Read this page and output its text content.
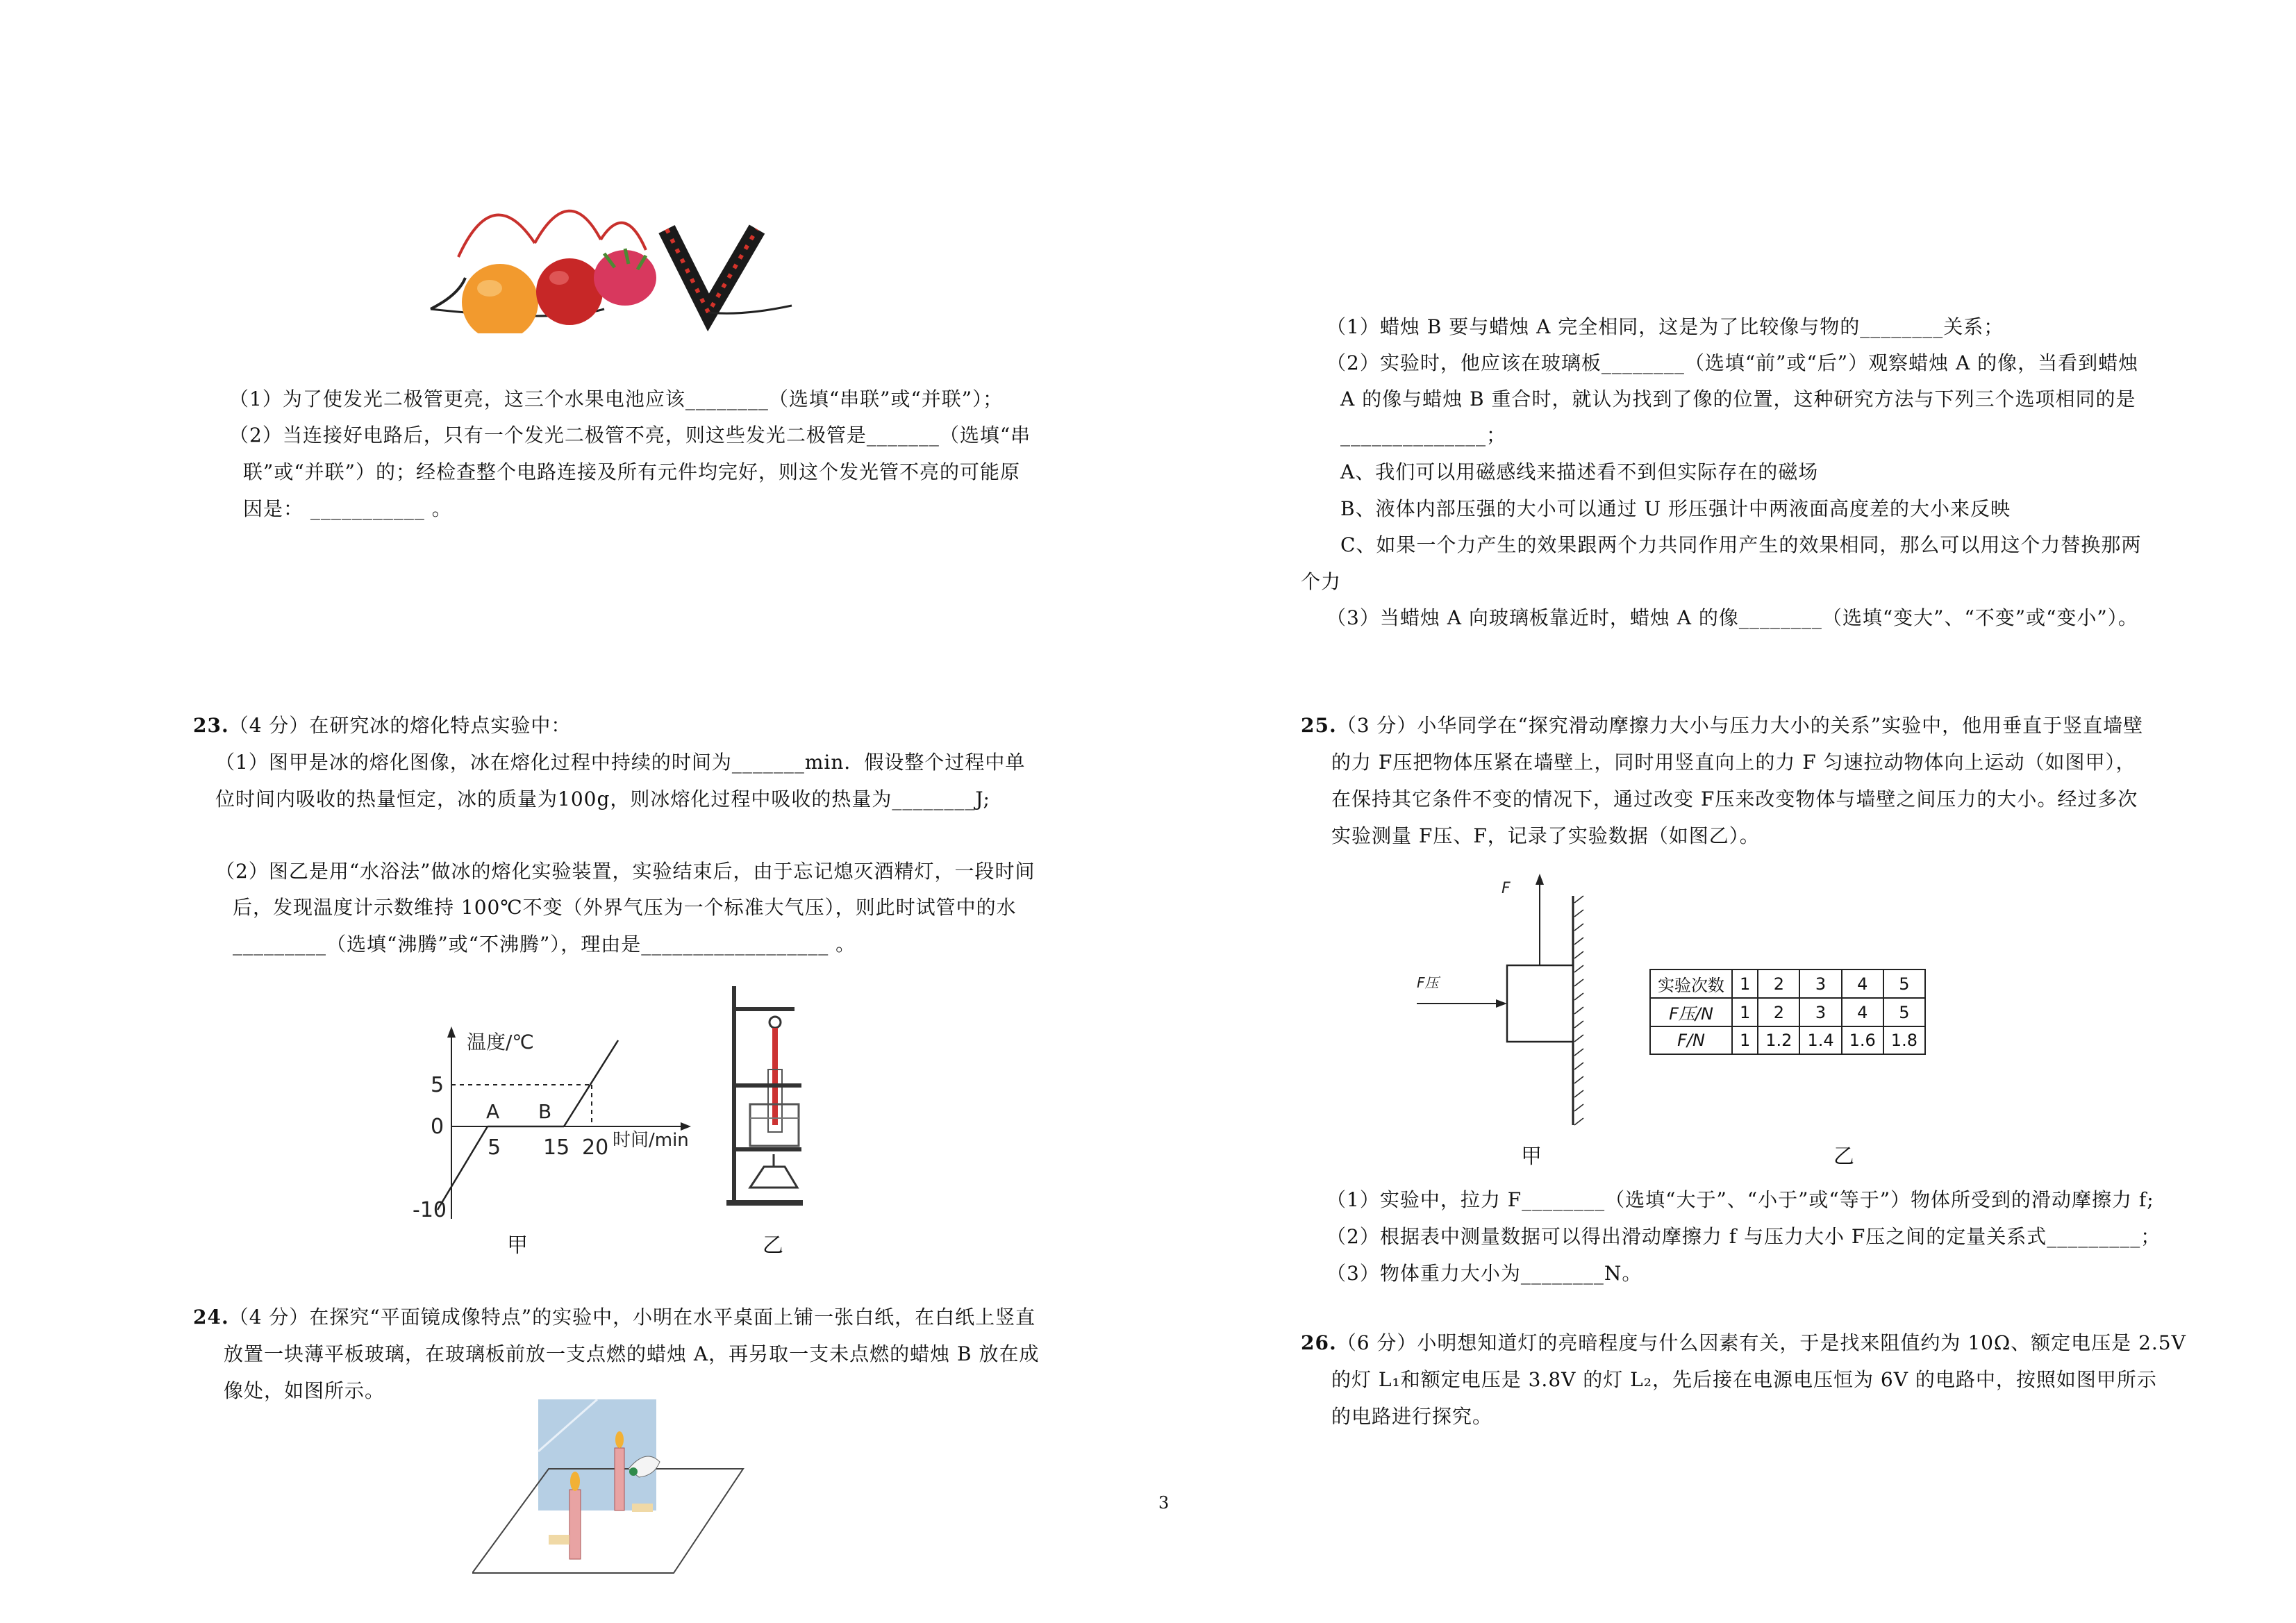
（1）为了使发光二极管更亮，这三个水果电池应该________（选填“串联”或“并联”）；
（2）当连接好电路后，只有一个发光二极管不亮，则这些发光二极管是_______（选填“串
联”或“并联”）的；经检查整个电路连接及所有元件均完好，则这个发光管不亮的可能原
因是： ___________ 。
23.（4 分）在研究冰的熔化特点实验中：
（1）图甲是冰的熔化图像，冰在熔化过程中持续的时间为_______min．假设整个过程中单
位时间内吸收的热量恒定，冰的质量为100g，则冰熔化过程中吸收的热量为________J;
（2）图乙是用“水浴法”做冰的熔化实验装置，实验结束后，由于忘记熄灭酒精灯，一段时间
后，发现温度计示数维持 100℃不变（外界气压为一个标准大气压），则此时试管中的水
_________（选填“沸腾”或“不沸腾”），理由是__________________ 。
温度/℃
5
0
-10
5 15 20 时间/min
A B
甲	乙
24.（4 分）在探究“平面镜成像特点”的实验中，小明在水平桌面上铺一张白纸，在白纸上竖直
放置一块薄平板玻璃，在玻璃板前放一支点燃的蜡烛 A，再另取一支未点燃的蜡烛 B 放在成
像处，如图所示。
（1）蜡烛 B 要与蜡烛 A 完全相同，这是为了比较像与物的________关系；
（2）实验时，他应该在玻璃板________（选填“前”或“后”）观察蜡烛 A 的像，当看到蜡烛
A 的像与蜡烛 B 重合时，就认为找到了像的位置，这种研究方法与下列三个选项相同的是
______________；
A、我们可以用磁感线来描述看不到但实际存在的磁场
B、液体内部压强的大小可以通过 U 形压强计中两液面高度差的大小来反映
C、如果一个力产生的效果跟两个力共同作用产生的效果相同，那么可以用这个力替换那两
个力
（3）当蜡烛 A 向玻璃板靠近时，蜡烛 A 的像________（选填“变大”、“不变”或“变小”）。
25.（3 分）小华同学在“探究滑动摩擦力大小与压力大小的关系”实验中，他用垂直于竖直墙壁
的力 F压把物体压紧在墙壁上，同时用竖直向上的力 F 匀速拉动物体向上运动（如图甲），
在保持其它条件不变的情况下，通过改变 F压来改变物体与墙壁之间压力的大小。经过多次
实验测量 F压、F，记录了实验数据（如图乙）。
F
F压	实验次数	1	2	3	4	5
F压/N	1	2	3	4	5
F/N	1	1.2	1.4	1.6	1.8
甲	乙
（1）实验中，拉力 F________（选填“大于”、“小于”或“等于”）物体所受到的滑动摩擦力 f;
（2）根据表中测量数据可以得出滑动摩擦力 f 与压力大小 F压之间的定量关系式_________；
（3）物体重力大小为________N。
26.（6 分）小明想知道灯的亮暗程度与什么因素有关，于是找来阻值约为 10Ω、额定电压是 2.5V
的灯 L₁和额定电压是 3.8V 的灯 L₂，先后接在电源电压恒为 6V 的电路中，按照如图甲所示
的电路进行探究。
3
